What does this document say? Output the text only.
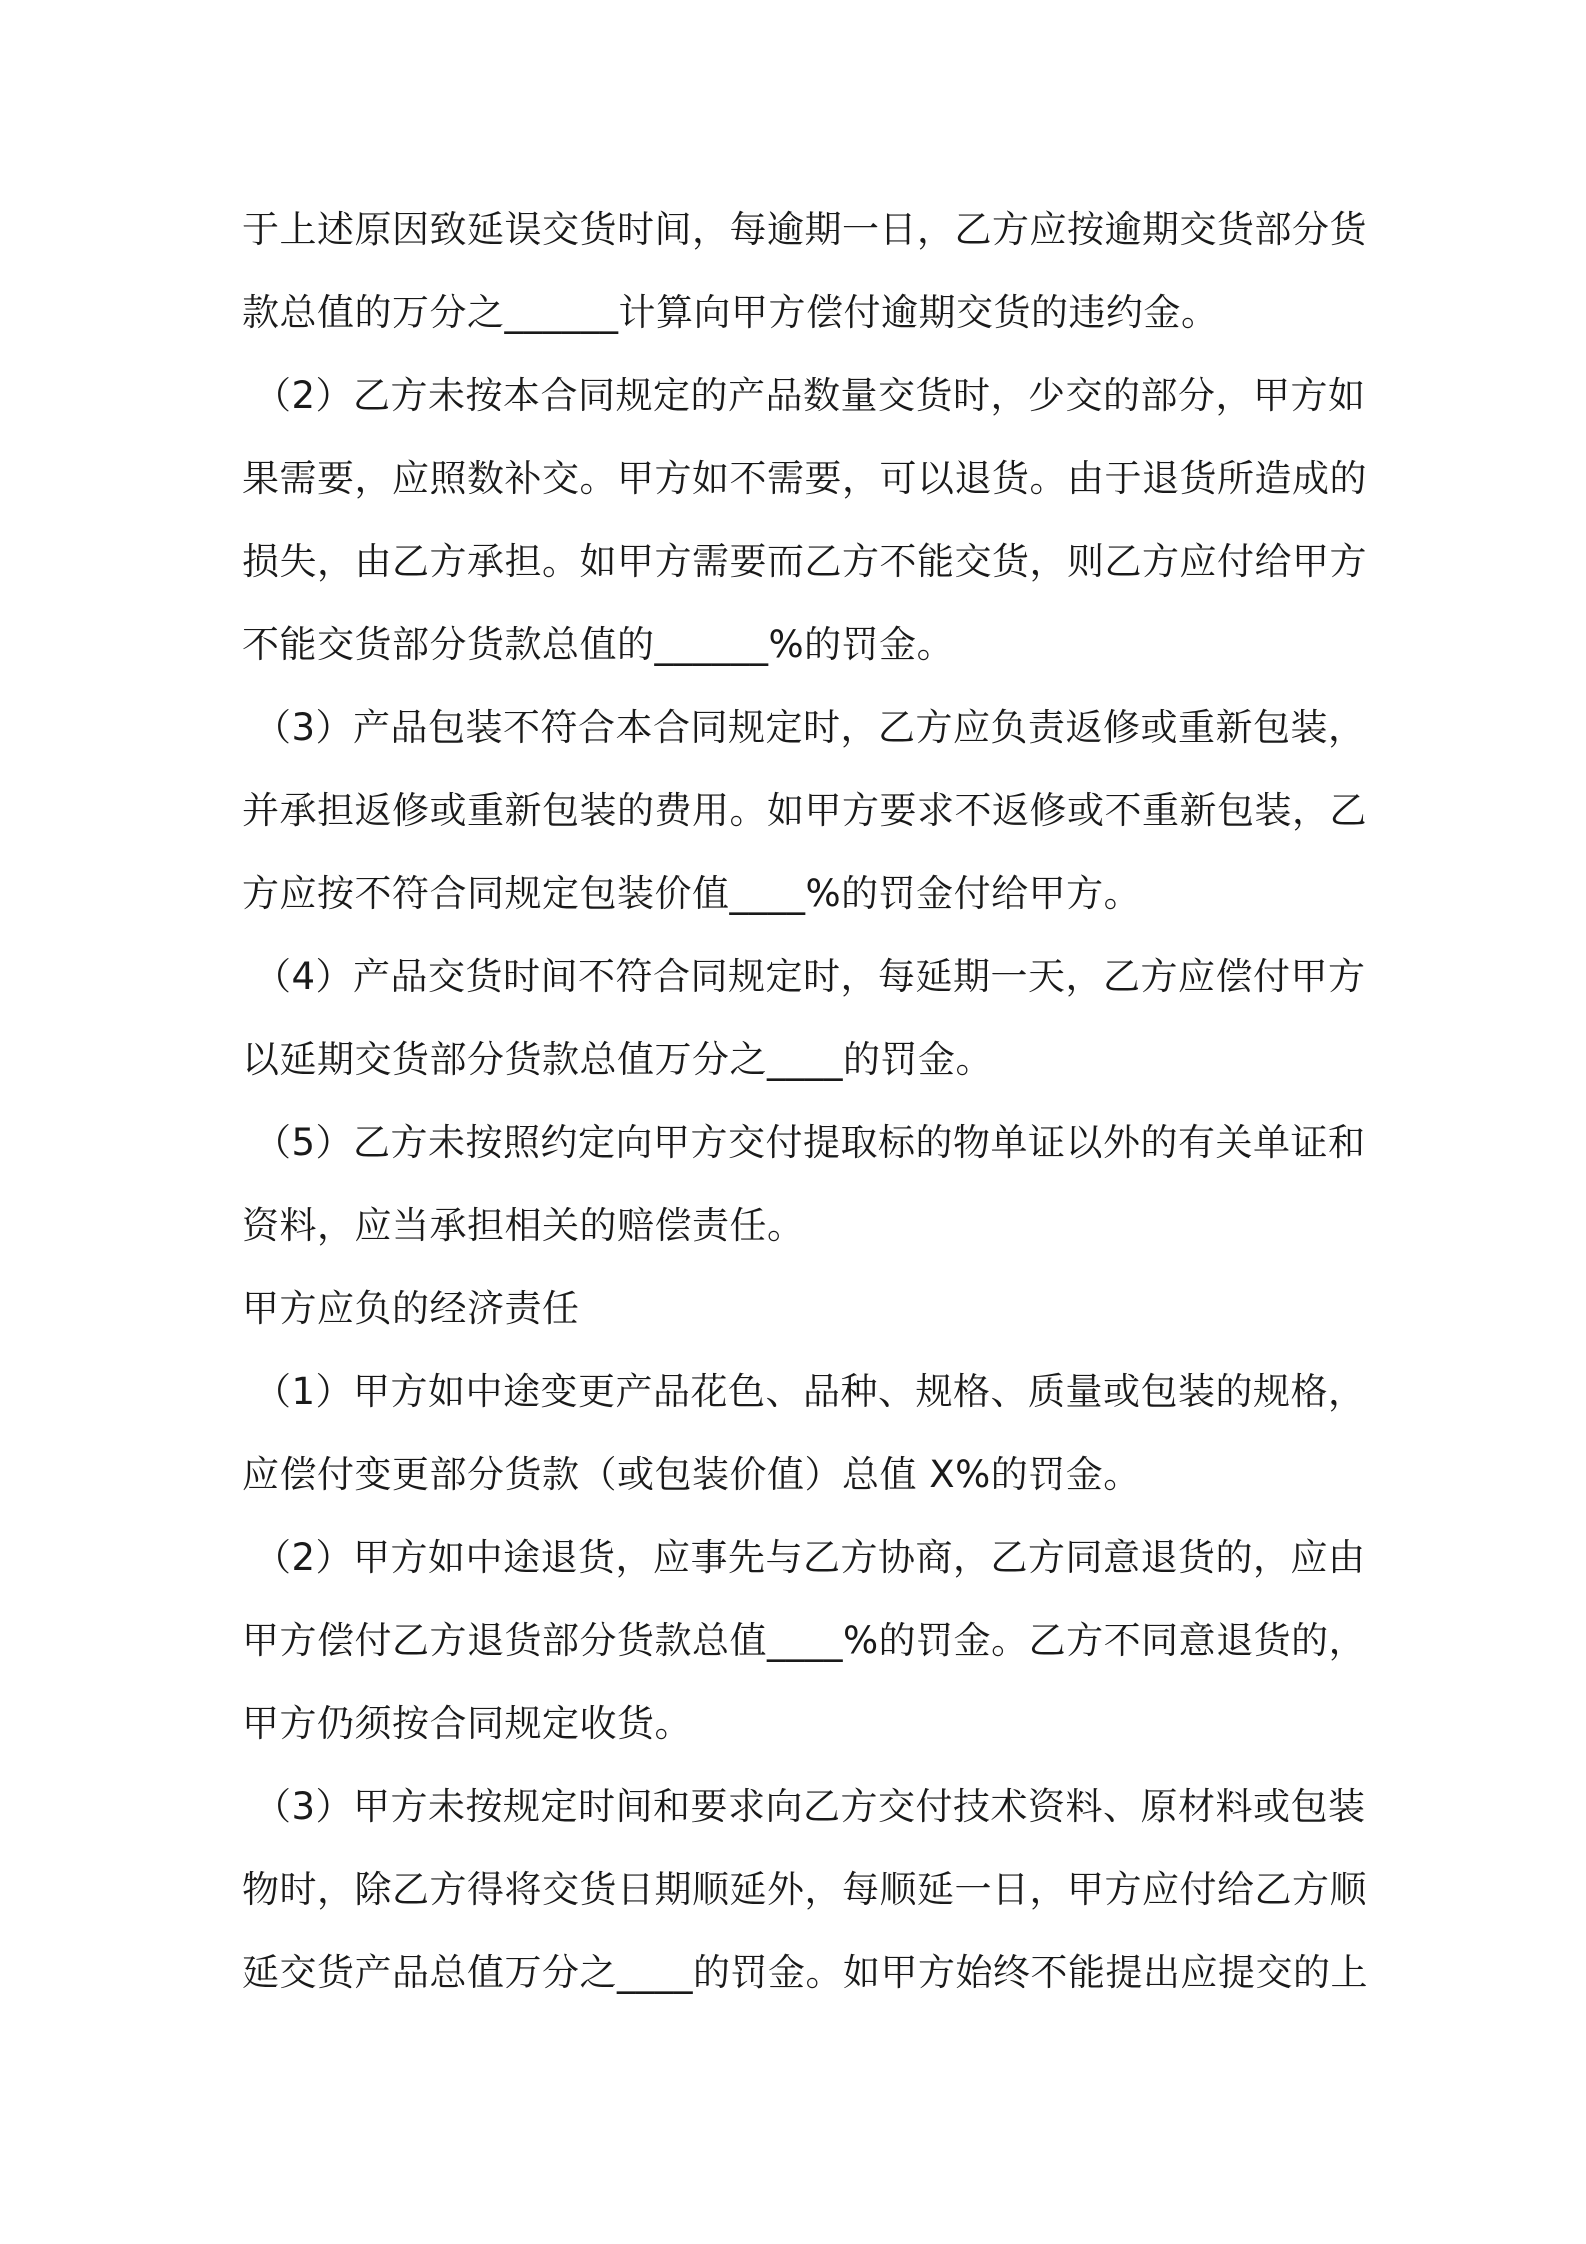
于上述原因致延误交货时间，每逾期一日，乙方应按逾期交货部分货
款总值的万分之______计算向甲方偿付逾期交货的违约金。
（2）乙方未按本合同规定的产品数量交货时，少交的部分，甲方如
果需要，应照数补交。甲方如不需要，可以退货。由于退货所造成的
损失，由乙方承担。如甲方需要而乙方不能交货，则乙方应付给甲方
不能交货部分货款总值的______%的罚金。
（3）产品包装不符合本合同规定时，乙方应负责返修或重新包装，
并承担返修或重新包装的费用。如甲方要求不返修或不重新包装，乙
方应按不符合同规定包装价值____%的罚金付给甲方。
（4）产品交货时间不符合同规定时，每延期一天，乙方应偿付甲方
以延期交货部分货款总值万分之____的罚金。
（5）乙方未按照约定向甲方交付提取标的物单证以外的有关单证和
资料，应当承担相关的赔偿责任。
甲方应负的经济责任
（1）甲方如中途变更产品花色、品种、规格、质量或包装的规格，
应偿付变更部分货款（或包装价值）总值 X%的罚金。
（2）甲方如中途退货，应事先与乙方协商，乙方同意退货的，应由
甲方偿付乙方退货部分货款总值____%的罚金。乙方不同意退货的，
甲方仍须按合同规定收货。
（3）甲方未按规定时间和要求向乙方交付技术资料、原材料或包装
物时，除乙方得将交货日期顺延外，每顺延一日，甲方应付给乙方顺
延交货产品总值万分之____的罚金。如甲方始终不能提出应提交的上
